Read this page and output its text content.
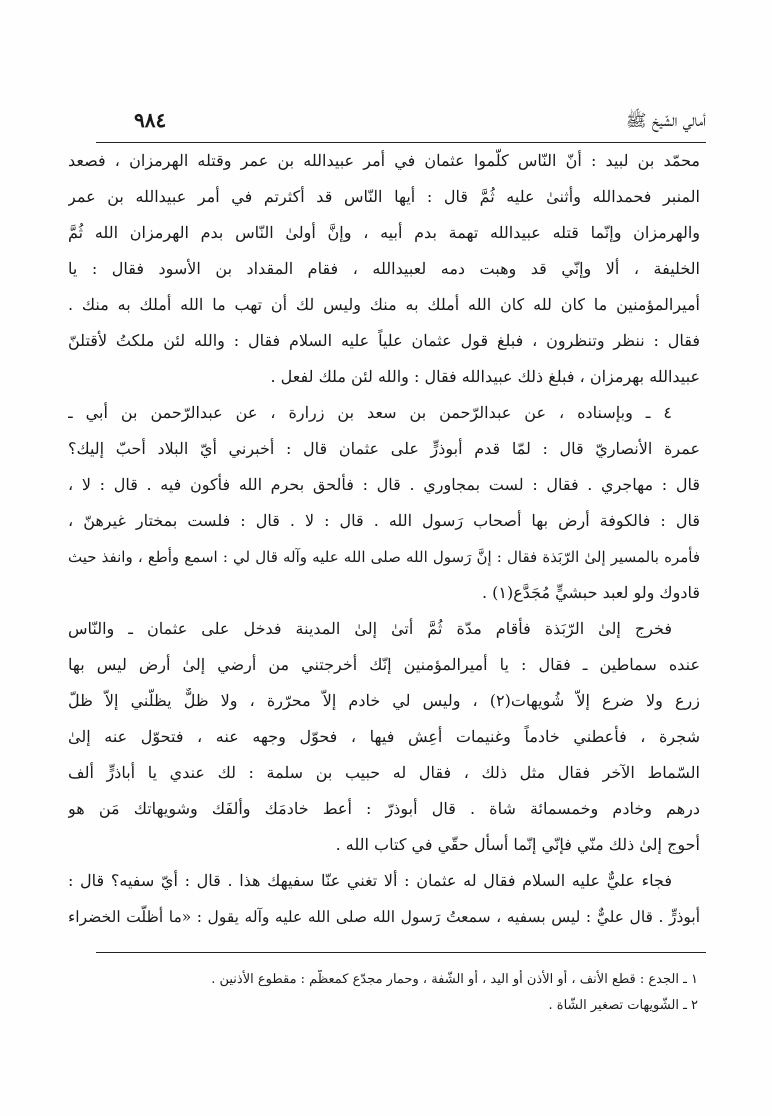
أمالي الشّيخ ﷺ
٩٨٤
محمّد بن لبيد : أنّ النّاس كلّموا عثمان في أمر عبيدالله بن عمر وقتله الهرمزان ، فصعد
المنبر فحمدالله وأثنىٰ عليه ثُمَّ قال : أيها النّاس قد أكثرتم في أمر عبيدالله بن عمر
والهرمزان وإنّما قتله عبيدالله تهمة بدم أبيه ، وإنَّ أولىٰ النّاس بدم الهرمزان الله ثُمَّ
الخليفة ، ألا وإنّي قد وهبت دمه لعبيدالله ، فقام المقداد بن الأسود فقال : يا
أميرالمؤمنين ما كان لله كان الله أملك به منك وليس لك أن تهب ما الله أملك به منك .
فقال : ننظر وتنظرون ، فبلغ قول عثمان علياً عليه السلام فقال : والله لئن ملكتُ لأقتلنّ
عبيدالله بهرمزان ، فبلغ ذلك عبيدالله فقال : والله لئن ملك لفعل .
٤ ـ وبإسناده ، عن عبدالرّحمن بن سعد بن زرارة ، عن عبدالرّحمن بن أبي ـ
عمرة الأنصاريّ قال : لمّا قدم أبوذرٍّ على عثمان قال : أخبرني أيّ البلاد أحبّ إليك؟
قال : مهاجري . فقال : لست بمجاوري . قال : فألحق بحرم الله فأكون فيه . قال : لا ،
قال : فالكوفة أرض بها أصحاب رَسول الله . قال : لا . قال : فلست بمختار غيرهنّ ،
فأمره بالمسير إلىٰ الرّبَذة فقال : إنَّ رَسول الله صلى الله عليه وآله قال لي : اسمع وأطع ، وانفذ حيث
قادوك ولو لعبد حبشيٍّ مُجَدَّع(١) .
فخرج إلىٰ الرّبَذة فأقام مدّة ثُمَّ أتىٰ إلىٰ المدينة فدخل على عثمان ـ والنّاس
عنده سماطين ـ فقال : يا أميرالمؤمنين إنّك أخرجتني من أرضي إلىٰ أرض ليس بها
زرع ولا ضرع إلاّ شُويهات(٢) ، وليس لي خادم إلاّ محرّرة ، ولا ظلٌّ يظلّني إلاّ ظلّ
شجرة ، فأعطني خادماً وغنيمات أعِش فيها ، فحوّل وجهه عنه ، فتحوّل عنه إلىٰ
السّماط الآخر فقال مثل ذلك ، فقال له حبيب بن سلمة : لك عندي يا أباذرٍّ ألف
درهم وخادم وخمسمائة شاة . قال أبوذرّ : أعط خادمَك وألفَك وشويهاتك مَن هو
أحوج إلىٰ ذلك منّي فإنّي إنّما أسأل حقّي في كتاب الله .
فجاء عليٌّ عليه السلام فقال له عثمان : ألا تغني عنّا سفيهك هذا . قال : أيّ سفيه؟ قال :
أبوذرٍّ . قال عليٌّ : ليس بسفيه ، سمعتُ رَسول الله صلى الله عليه وآله يقول : «ما أظلّت الخضراء
١ ـ الجدع : قطع الأنف ، أو الأذن أو اليد ، أو الشّفة ، وحمار مجدّع كمعظّم : مقطوع الأذنين .
٢ ـ الشّويهات تصغير الشّاة .
